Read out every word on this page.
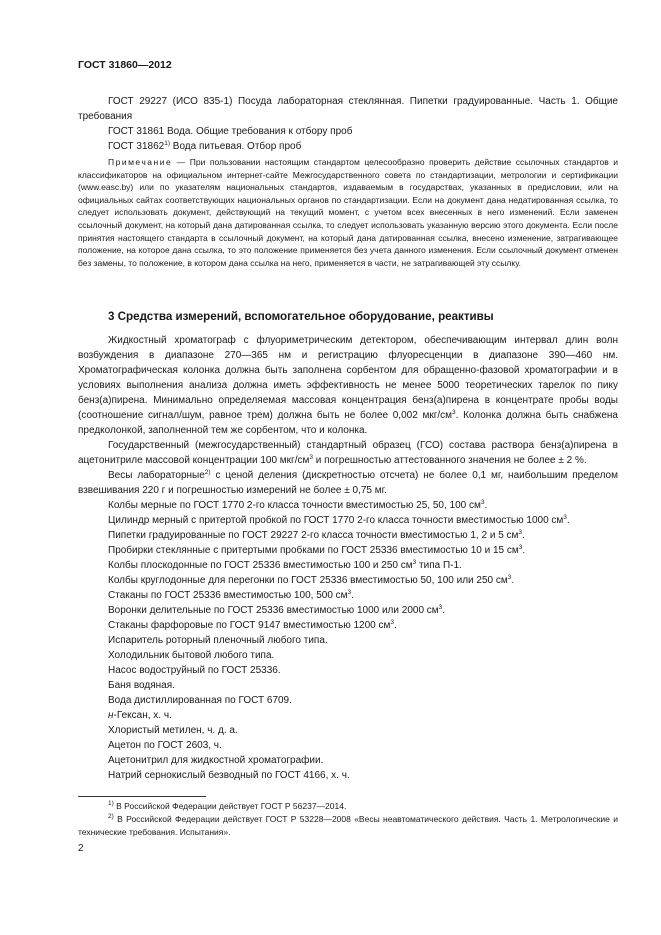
ГОСТ 31860—2012

ГОСТ 29227 (ИСО 835-1) Посуда лабораторная стеклянная. Пипетки градуированные. Часть 1. Общие требования

ГОСТ 31861 Вода. Общие требования к отбору проб

ГОСТ 31862$^{1)}$ Вода питьевая. Отбор проб

Примечание — При пользовании настоящим стандартом целесообразно проверить действие ссылочных стандартов и классификаторов на официальном интернет-сайте Межгосударственного совета по стандартизации, метрологии и сертификации (www.easc.by) или по указателям национальных стандартов, издаваемым в государствах, указанных в предисловии, или на официальных сайтах соответствующих национальных органов по стандартизации. Если на документ дана недатированная ссылка, то следует использовать документ, действующий на текущий момент, с учетом всех внесенных в него изменений. Если заменен ссылочный документ, на который дана датированная ссылка, то следует использовать указанную версию этого документа. Если после принятия настоящего стандарта в ссылочный документ, на который дана датированная ссылка, внесено изменение, затрагивающее положение, на которое дана ссылка, то это положение применяется без учета данного изменения. Если ссылочный документ отменен без замены, то положение, в котором дана ссылка на него, применяется в части, не затрагивающей эту ссылку.
3 Средства измерений, вспомогательное оборудование, реактивы

Жидкостный хроматограф с флуориметрическим детектором, обеспечивающим интервал длин волн возбуждения в диапазоне 270—365 нм и регистрацию флуоресценции в диапазоне 390—460 нм. Хроматографическая колонка должна быть заполнена сорбентом для обращенно-фазовой хроматографии и в условиях выполнения анализа должна иметь эффективность не менее 5000 теоретических тарелок по пику бенз(а)пирена. Минимально определяемая массовая концентрация бенз(а)пирена в концентрате пробы воды (соотношение сигнал/шум, равное трем) должна быть не более 0,002 мкг/$см^3$. Колонка должна быть снабжена предколонкой, заполненной тем же сорбентом, что и колонка.

Государственный (межгосударственный) стандартный образец (ГСО) состава раствора бенз(а)пирена в ацетонитриле массовой концентрации 100 мкг/$см^3$ и погрешностью аттестованного значения не более ± 2 %.

Весы лабораторные$^{2)}$ с ценой деления (дискретностью отсчета) не более 0,1 мг, наибольшим пределом взвешивания 220 г и погрешностью измерений не более ± 0,75 мг.

Колбы мерные по ГОСТ 1770 2-го класса точности вместимостью 25, 50, 100 $см^3$.
Цилиндр мерный с притертой пробкой по ГОСТ 1770 2-го класса точности вместимостью 1000 $см^3$.
Пипетки градуированные по ГОСТ 29227 2-го класса точности вместимостью 1, 2 и 5 $см^3$.
Пробирки стеклянные с притертыми пробками по ГОСТ 25336 вместимостью 10 и 15 $см^3$.
Колбы плоскодонные по ГОСТ 25336 вместимостью 100 и 250 $см^3$ типа П-1.
Колбы круглодонные для перегонки по ГОСТ 25336 вместимостью 50, 100 или 250 $см^3$.
Стаканы по ГОСТ 25336 вместимостью 100, 500 $см^3$.
Воронки делительные по ГОСТ 25336 вместимостью 1000 или 2000 $см^3$.
Стаканы фарфоровые по ГОСТ 9147 вместимостью 1200 $см^3$.
Испаритель роторный пленочный любого типа.
Холодильник бытовой любого типа.
Насос водоструйный по ГОСТ 25336.
Баня водяная.
Вода дистиллированная по ГОСТ 6709.
н-Гексан, х. ч.
Хлористый метилен, ч. д. а.
Ацетон по ГОСТ 2603, ч.
Ацетонитрил для жидкостной хроматографии.
Натрий сернокислый безводный по ГОСТ 4166, х. ч.

$^{1)}$ В Российской Федерации действует ГОСТ Р 56237—2014.

$^{2)}$ В Российской Федерации действует ГОСТ Р 53228—2008 «Весы неавтоматического действия. Часть 1. Метрологические и технические требования. Испытания».

2
